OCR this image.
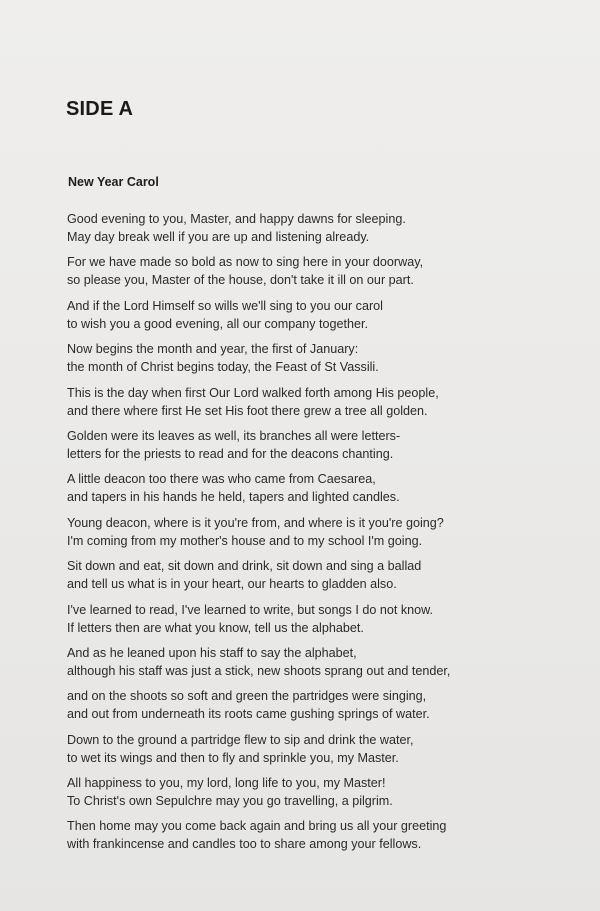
SIDE A
New Year Carol
Good evening to you, Master, and happy dawns for sleeping.
May day break well if you are up and listening already.
For we have made so bold as now to sing here in your doorway,
so please you, Master of the house, don't take it ill on our part.
And if the Lord Himself so wills we'll sing to you our carol
to wish you a good evening, all our company together.
Now begins the month and year, the first of January:
the month of Christ begins today, the Feast of St Vassili.
This is the day when first Our Lord walked forth among His people,
and there where first He set His foot there grew a tree all golden.
Golden were its leaves as well, its branches all were letters-
letters for the priests to read and for the deacons chanting.
A little deacon too there was who came from Caesarea,
and tapers in his hands he held, tapers and lighted candles.
Young deacon, where is it you're from, and where is it you're going?
I'm coming from my mother's house and to my school I'm going.
Sit down and eat, sit down and drink, sit down and sing a ballad
and tell us what is in your heart, our hearts to gladden also.
I've learned to read, I've learned to write, but songs I do not know.
If letters then are what you know, tell us the alphabet.
And as he leaned upon his staff to say the alphabet,
although his staff was just a stick, new shoots sprang out and tender,
and on the shoots so soft and green the partridges were singing,
and out from underneath its roots came gushing springs of water.
Down to the ground a partridge flew to sip and drink the water,
to wet its wings and then to fly and sprinkle you, my Master.
All happiness to you, my lord, long life to you, my Master!
To Christ's own Sepulchre may you go travelling, a pilgrim.
Then home may you come back again and bring us all your greeting
with frankincense and candles too to share among your fellows.
